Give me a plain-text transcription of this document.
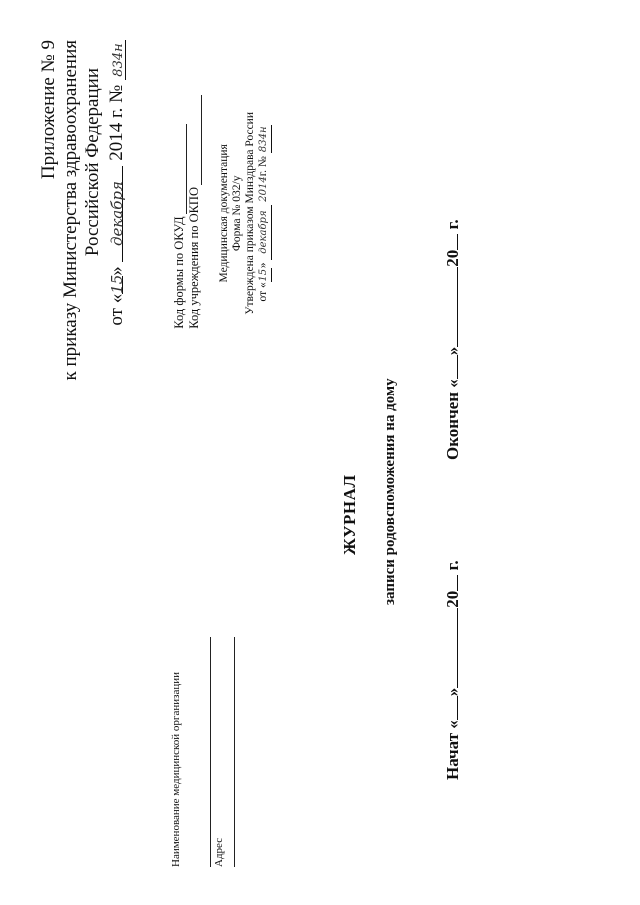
Приложение № 9 к приказу Министерства здравоохранения Российской Федерации
от «15» декабря 2014 г. № 834н
Код формы по ОКУД Код учреждения по ОКПО Медицинская документация Форма № 032/у Утверждена приказом Минздрава России от «15» декабря 2014г. № 834н
Наименование медицинской организации	Адрес
ЖУРНАЛ записи родовспоможения на дому
Начат «»20 г.
Окончен «»20 г.
